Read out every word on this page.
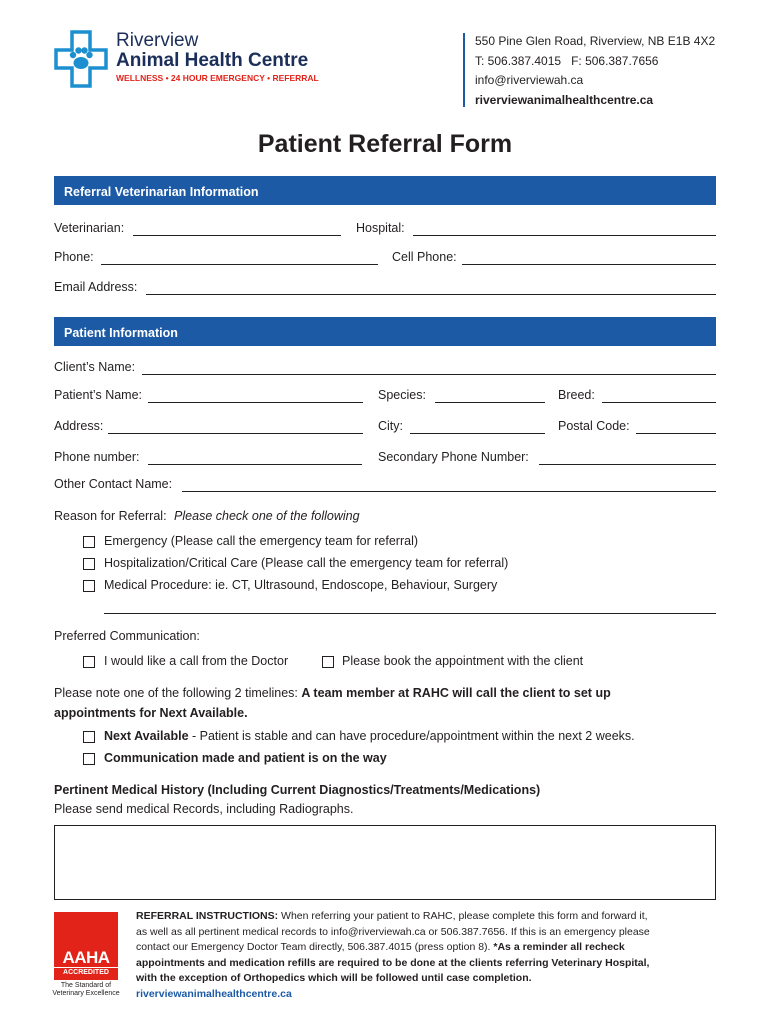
Riverview
Animal Health Centre
WELLNESS • 24 HOUR EMERGENCY • REFERRAL
550 Pine Glen Road, Riverview, NB E1B 4X2
T: 506.387.4015   F: 506.387.7656
info@riverviewah.ca
riverviewanimalhealthcentre.ca
Patient Referral Form
Referral Veterinarian Information
Veterinarian:	Hospital:
Phone:	Cell Phone:
Email Address:
Patient Information
Client’s Name:
Patient’s Name:	Species:	Breed:
Address:	City:	Postal Code:
Phone number:	Secondary Phone Number:
Other Contact Name:
Reason for Referral: Please check one of the following
Emergency (Please call the emergency team for referral)
Hospitalization/Critical Care (Please call the emergency team for referral)
Medical Procedure: ie. CT, Ultrasound, Endoscope, Behaviour, Surgery
Preferred Communication:
I would like a call from the Doctor	Please book the appointment with the client
Please note one of the following 2 timelines: A team member at RAHC will call the client to set up
appointments for Next Available.
Next Available - Patient is stable and can have procedure/appointment within the next 2 weeks.
Communication made and patient is on the way
Pertinent Medical History (Including Current Diagnostics/Treatments/Medications)
Please send medical Records, including Radiographs.
AAHA
ACCREDITED
The Standard of
Veterinary Excellence
REFERRAL INSTRUCTIONS: When referring your patient to RAHC, please complete this form and forward it,
as well as all pertinent medical records to info@riverviewah.ca or 506.387.7656. If this is an emergency please
contact our Emergency Doctor Team directly, 506.387.4015 (press option 8). *As a reminder all recheck
appointments and medication refills are required to be done at the clients referring Veterinary Hospital,
with the exception of Orthopedics which will be followed until case completion.
riverviewanimalhealthcentre.ca
